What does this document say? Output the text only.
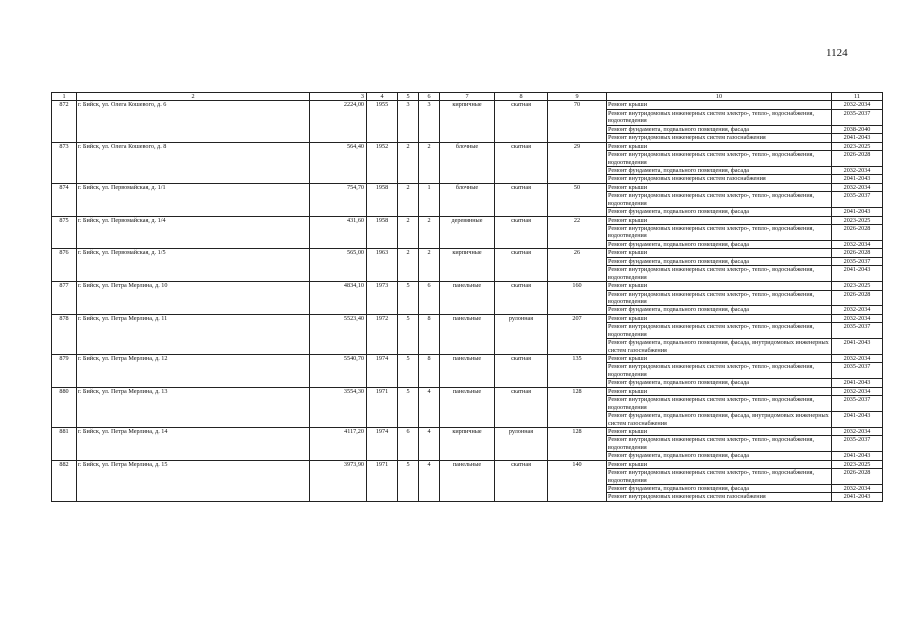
1124
1	2	3	4	5	6	7	8	9	10	11
872	г. Бийск, ул. Олега Кошевого, д. 6	2224,00	1955	3	3	кирпичные	скатная	70	Ремонт крыши	2032-2034
									Ремонт внутридомовых инженерных систем электро-, тепло-, водоснабжения, водоотведения	2035-2037
									Ремонт фундамента, подвального помещения, фасада	2038-2040
									Ремонт внутридомовых инженерных систем газоснабжения	2041-2043
873	г. Бийск, ул. Олега Кошевого, д. 8	564,40	1952	2	2	блочные	скатная	29	Ремонт крыши	2023-2025
									Ремонт внутридомовых инженерных систем электро-, тепло-, водоснабжения, водоотведения	2026-2028
									Ремонт фундамента, подвального помещения, фасада	2032-2034
									Ремонт внутридомовых инженерных систем газоснабжения	2041-2043
874	г. Бийск, ул. Первомайская, д. 1/1	754,70	1958	2	1	блочные	скатная	50	Ремонт крыши	2032-2034
									Ремонт внутридомовых инженерных систем электро-, тепло-, водоснабжения, водоотведения	2035-2037
									Ремонт фундамента, подвального помещения, фасада	2041-2043
875	г. Бийск, ул. Первомайская, д. 1/4	431,60	1958	2	2	деревянные	скатная	22	Ремонт крыши	2023-2025
									Ремонт внутридомовых инженерных систем электро-, тепло-, водоснабжения, водоотведения	2026-2028
									Ремонт фундамента, подвального помещения, фасада	2032-2034
876	г. Бийск, ул. Первомайская, д. 1/5	565,00	1963	2	2	кирпичные	скатная	26	Ремонт крыши	2026-2028
									Ремонт фундамента, подвального помещения, фасада	2035-2037
									Ремонт внутридомовых инженерных систем электро-, тепло-, водоснабжения, водоотведения	2041-2043
877	г. Бийск, ул. Петра Мерлина, д. 10	4834,10	1973	5	6	панельные	скатная	160	Ремонт крыши	2023-2025
									Ремонт внутридомовых инженерных систем электро-, тепло-, водоснабжения, водоотведения	2026-2028
									Ремонт фундамента, подвального помещения, фасада	2032-2034
878	г. Бийск, ул. Петра Мерлина, д. 11	5523,40	1972	5	8	панельные	рулонная	207	Ремонт крыши	2032-2034
									Ремонт внутридомовых инженерных систем электро-, тепло-, водоснабжения, водоотведения	2035-2037
									Ремонт фундамента, подвального помещения, фасада, внутридомовых инженерных систем газоснабжения	2041-2043
879	г. Бийск, ул. Петра Мерлина, д. 12	5540,70	1974	5	8	панельные	скатная	135	Ремонт крыши	2032-2034
									Ремонт внутридомовых инженерных систем электро-, тепло-, водоснабжения, водоотведения	2035-2037
									Ремонт фундамента, подвального помещения, фасада	2041-2043
880	г. Бийск, ул. Петра Мерлина, д. 13	3554,30	1971	5	4	панельные	скатная	128	Ремонт крыши	2032-2034
									Ремонт внутридомовых инженерных систем электро-, тепло-, водоснабжения, водоотведения	2035-2037
									Ремонт фундамента, подвального помещения, фасада, внутридомовых инженерных систем газоснабжения	2041-2043
881	г. Бийск, ул. Петра Мерлина, д. 14	4117,20	1974	6	4	кирпичные	рулонная	128	Ремонт крыши	2032-2034
									Ремонт внутридомовых инженерных систем электро-, тепло-, водоснабжения, водоотведения	2035-2037
									Ремонт фундамента, подвального помещения, фасада	2041-2043
882	г. Бийск, ул. Петра Мерлина, д. 15	3973,90	1971	5	4	панельные	скатная	140	Ремонт крыши	2023-2025
									Ремонт внутридомовых инженерных систем электро-, тепло-, водоснабжения, водоотведения	2026-2028
									Ремонт фундамента, подвального помещения, фасада	2032-2034
									Ремонт внутридомовых инженерных систем газоснабжения	2041-2043
